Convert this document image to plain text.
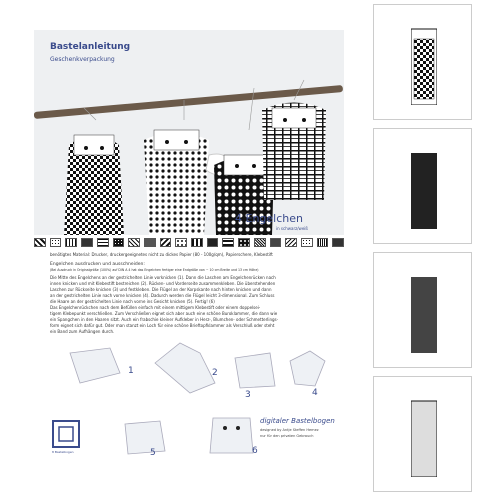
Bastelanleitung
Geschenkverpackung
4 Engelchen
in schwarz/weiß
benötigtes Material: Drucker, druckergeeignetes nicht zu dickes Papier (80 - 100g/qm), Papierschere, Klebestift
Engelchen ausdrucken und ausschneiden:
(Bei Ausdruck in Originalgröße (100%) auf DIN A 4 hat das Engelchen fertiger eine Endgröße von ~ 10 cm Breite und 13 cm Höhe)
Die Mitte des Engelchens an der gestrichelten Linie vorknicken (1). Dann die Laschen am Engelchenrücken nach
innen knicken und mit Klebestift bestreichen (2). Rücken- und Vorderseite zusammenkleben. Die überstehenden
Laschen zur Rückseite knicken (3) und festkleben. Die Flügel an der Korpskante nach hinten knicken und dann
an der gestrichelten Linie nach vorne knicken (4). Dadurch werden die Flügel leicht 3-dimensional. Zum Schluss
die Haare an der gestrichelten Linie nach vorne ins Gesicht knicken (5). Fertig! (6)
Das Engelchenrückchen nach dem Befüllen einfach mit einem mittigem Klebestift oder einem doppelsei-
tigem Klebepunkt verschließen. Zum Verschließen eignet sich aber auch eine schöne Buroklammer, die dann wie
ein Spangchen in den Haaren sitzt. Auch ein frabschie kleiner Aufkleber in Herz-, Blumchen- oder Schmetterlings-
form eignet sich dafür gut. Oder man stanzt ein Loch für eine schöne Brieftopfklammer als Verschluß oder steht
ein Band zum Aufhängen durch.
1	2
3	4
5	6
8 Bastelbogen
digitaler Bastelbogen
designed by Antje Steffen Hemez
nur für den privaten Gebrauch
